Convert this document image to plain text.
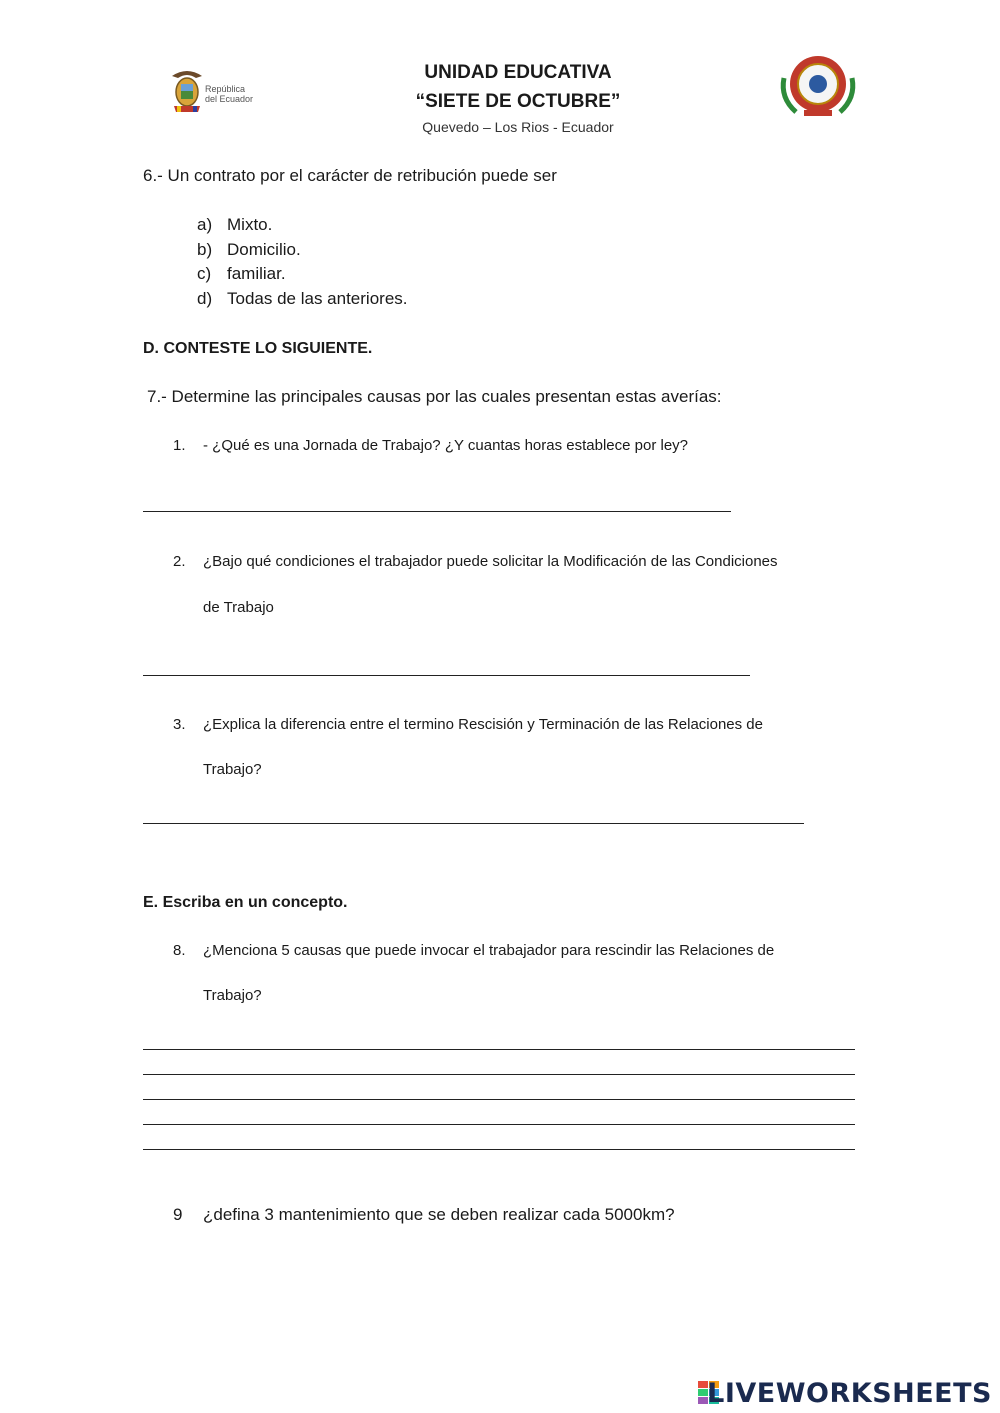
República
del Ecuador
UNIDAD EDUCATIVA
“SIETE DE OCTUBRE”
Quevedo – Los Rios - Ecuador
6.- Un contrato por el carácter de retribución puede ser
a) Mixto.
b) Domicilio.
c) familiar.
d) Todas de las anteriores.
D. CONTESTE LO SIGUIENTE.
7.- Determine las principales causas por las cuales presentan estas averías:
1. - ¿Qué es una Jornada de Trabajo? ¿Y cuantas horas establece por ley?
2. ¿Bajo qué condiciones el trabajador puede solicitar la Modificación de las Condiciones
de Trabajo
3. ¿Explica la diferencia entre el termino Rescisión y Terminación de las Relaciones de
Trabajo?
E. Escriba en un concepto.
8. ¿Menciona 5 causas que puede invocar el trabajador para rescindir las Relaciones de
Trabajo?
9 ¿defina 3 mantenimiento que se deben realizar cada 5000km?
LIVEWORKSHEETS
